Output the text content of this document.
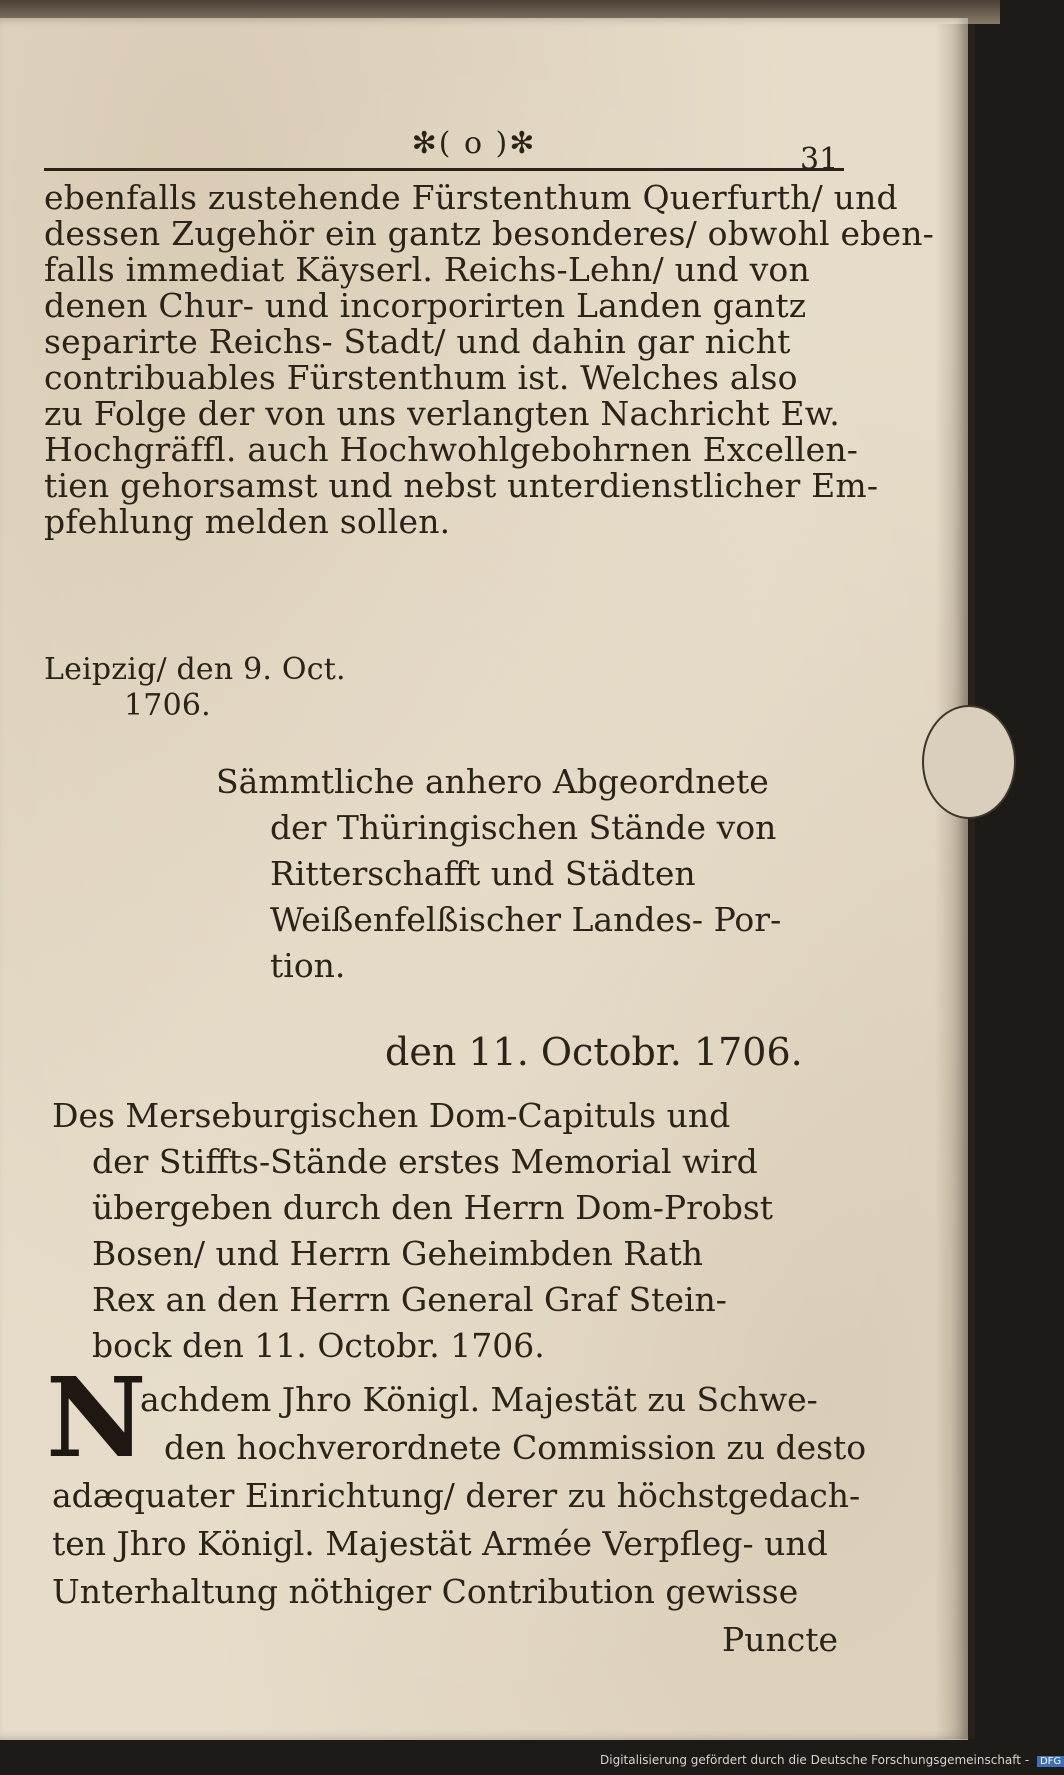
✻( o )✻	31
ebenfalls zustehende Fürstenthum Querfurth/ und
dessen Zugehör ein gantz besonderes/ obwohl eben-
falls immediat Käyserl. Reichs-Lehn/ und von
denen Chur- und incorporirten Landen gantz
separirte Reichs- Stadt/ und dahin gar nicht
contribuables Fürstenthum ist. Welches also
zu Folge der von uns verlangten Nachricht Ew.
Hochgräffl. auch Hochwohlgebohrnen Excellen-
tien gehorsamst und nebst unterdienstlicher Em-
pfehlung melden sollen.
Leipzig/ den 9. Oct.
1706.
Sämmtliche anhero Abgeordnete
der Thüringischen Stände von
Ritterschafft und Städten
Weißenfelßischer Landes- Por-
tion.
den 11. Octobr. 1706.
Des Merseburgischen Dom-Capituls und
der Stiffts-Stände erstes Memorial wird
übergeben durch den Herrn Dom-Probst
Bosen/ und Herrn Geheimbden Rath
Rex an den Herrn General Graf Stein-
bock den 11. Octobr. 1706.
N
achdem Jhro Königl. Majestät zu Schwe-
den hochverordnete Commission zu desto
adæquater Einrichtung/ derer zu höchstgedach-
ten Jhro Königl. Majestät Armée Verpfleg- und
Unterhaltung nöthiger Contribution gewisse
Puncte
Digitalisierung gefördert durch die Deutsche Forschungsgemeinschaft - DFG
